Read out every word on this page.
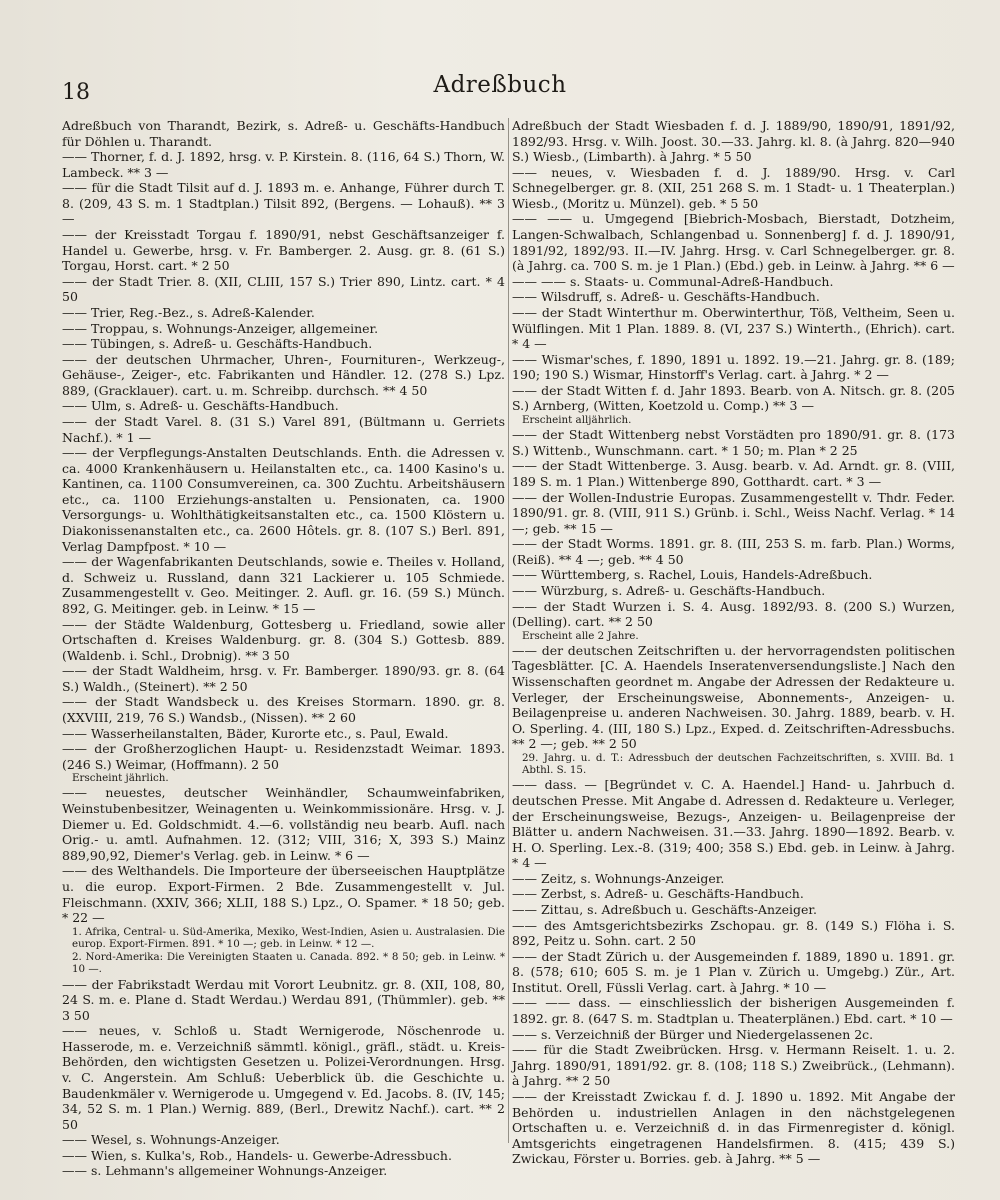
18	Adreßbuch

Adreßbuch von Tharandt, Bezirk, s. Adreß- u. Geschäfts-Handbuch für Döhlen u. Tharandt.

—— Thorner, f. d. J. 1892, hrsg. v. P. Kirstein. 8. (116, 64 S.) Thorn, W. Lambeck. ** 3 —

—— für die Stadt Tilsit auf d. J. 1893 m. e. Anhange, Führer durch T. 8. (209, 43 S. m. 1 Stadtplan.) Tilsit 892, (Bergens. — Lohauß). ** 3 —

—— der Kreisstadt Torgau f. 1890/91, nebst Geschäftsanzeiger f. Handel u. Gewerbe, hrsg. v. Fr. Bamberger. 2. Ausg. gr. 8. (61 S.) Torgau, Horst. cart. * 2 50

—— der Stadt Trier. 8. (XII, CLIII, 157 S.) Trier 890, Lintz. cart. * 4 50

—— Trier, Reg.-Bez., s. Adreß-Kalender.

—— Troppau, s. Wohnungs-Anzeiger, allgemeiner.

—— Tübingen, s. Adreß- u. Geschäfts-Handbuch.

—— der deutschen Uhrmacher, Uhren-, Fournituren-, Werkzeug-, Gehäuse-, Zeiger-, etc. Fabrikanten und Händler. 12. (278 S.) Lpz. 889, (Gracklauer). cart. u. m. Schreibp. durchsch. ** 4 50

—— Ulm, s. Adreß- u. Geschäfts-Handbuch.

—— der Stadt Varel. 8. (31 S.) Varel 891, (Bültmann u. Gerriets Nachf.). * 1 —

—— der Verpflegungs-Anstalten Deutschlands. Enth. die Adressen v. ca. 4000 Krankenhäusern u. Heilanstalten etc., ca. 1400 Kasino's u. Kantinen, ca. 1100 Consumvereinen, ca. 300 Zuchtu. Arbeitshäusern etc., ca. 1100 Erziehungs-anstalten u. Pensionaten, ca. 1900 Versorgungs- u. Wohlthätigkeitsanstalten etc., ca. 1500 Klöstern u. Diakonissenanstalten etc., ca. 2600 Hôtels. gr. 8. (107 S.) Berl. 891, Verlag Dampfpost. * 10 —

—— der Wagenfabrikanten Deutschlands, sowie e. Theiles v. Holland, d. Schweiz u. Russland, dann 321 Lackierer u. 105 Schmiede. Zusammengestellt v. Geo. Meitinger. 2. Aufl. gr. 16. (59 S.) Münch. 892, G. Meitinger. geb. in Leinw. * 15 —

—— der Städte Waldenburg, Gottesberg u. Friedland, sowie aller Ortschaften d. Kreises Waldenburg. gr. 8. (304 S.) Gottesb. 889. (Waldenb. i. Schl., Drobnig). ** 3 50

—— der Stadt Waldheim, hrsg. v. Fr. Bamberger. 1890/93. gr. 8. (64 S.) Waldh., (Steinert). ** 2 50

—— der Stadt Wandsbeck u. des Kreises Stormarn. 1890. gr. 8. (XXVIII, 219, 76 S.) Wandsb., (Nissen). ** 2 60

—— Wasserheilanstalten, Bäder, Kurorte etc., s. Paul, Ewald.

—— der Großherzoglichen Haupt- u. Residenzstadt Weimar. 1893. (246 S.) Weimar, (Hoffmann). 2 50

Erscheint jährlich.

—— neuestes, deutscher Weinhändler, Schaumweinfabriken, Weinstubenbesitzer, Weinagenten u. Weinkommissionäre. Hrsg. v. J. Diemer u. Ed. Goldschmidt. 4.—6. vollständig neu bearb. Aufl. nach Orig.- u. amtl. Aufnahmen. 12. (312; VIII, 316; X, 393 S.) Mainz 889,90,92, Diemer's Verlag. geb. in Leinw. * 6 —

—— des Welthandels. Die Importeure der überseeischen Hauptplätze u. die europ. Export-Firmen. 2 Bde. Zusammengestellt v. Jul. Fleischmann. (XXIV, 366; XLII, 188 S.) Lpz., O. Spamer. * 18 50; geb. * 22 —

1. Afrika, Central- u. Süd-Amerika, Mexiko, West-Indien, Asien u. Australasien. Die europ. Export-Firmen. 891. * 10 —; geb. in Leinw. * 12 —.

2. Nord-Amerika: Die Vereinigten Staaten u. Canada. 892. * 8 50; geb. in Leinw. * 10 —.

—— der Fabrikstadt Werdau mit Vorort Leubnitz. gr. 8. (XII, 108, 80, 24 S. m. e. Plane d. Stadt Werdau.) Werdau 891, (Thümmler). geb. ** 3 50

—— neues, v. Schloß u. Stadt Wernigerode, Nöschenrode u. Hasserode, m. e. Verzeichniß sämmtl. königl., gräfl., städt. u. Kreis-Behörden, den wichtigsten Gesetzen u. Polizei-Verordnungen. Hrsg. v. C. Angerstein. Am Schluß: Ueberblick üb. die Geschichte u. Baudenkmäler v. Wernigerode u. Umgegend v. Ed. Jacobs. 8. (IV, 145; 34, 52 S. m. 1 Plan.) Wernig. 889, (Berl., Drewitz Nachf.). cart. ** 2 50

—— Wesel, s. Wohnungs-Anzeiger.

—— Wien, s. Kulka's, Rob., Handels- u. Gewerbe-Adressbuch.

—— s. Lehmann's allgemeiner Wohnungs-Anzeiger.

Adreßbuch der Stadt Wiesbaden f. d. J. 1889/90, 1890/91, 1891/92, 1892/93. Hrsg. v. Wilh. Joost. 30.—33. Jahrg. kl. 8. (à Jahrg. 820—940 S.) Wiesb., (Limbarth). à Jahrg. * 5 50

—— neues, v. Wiesbaden f. d. J. 1889/90. Hrsg. v. Carl Schnegelberger. gr. 8. (XII, 251 268 S. m. 1 Stadt- u. 1 Theaterplan.) Wiesb., (Moritz u. Münzel). geb. * 5 50

—— —— u. Umgegend [Biebrich-Mosbach, Bierstadt, Dotzheim, Langen-Schwalbach, Schlangenbad u. Sonnenberg] f. d. J. 1890/91, 1891/92, 1892/93. II.—IV. Jahrg. Hrsg. v. Carl Schnegelberger. gr. 8. (à Jahrg. ca. 700 S. m. je 1 Plan.) (Ebd.) geb. in Leinw. à Jahrg. ** 6 —

—— —— s. Staats- u. Communal-Adreß-Handbuch.

—— Wilsdruff, s. Adreß- u. Geschäfts-Handbuch.

—— der Stadt Winterthur m. Oberwinterthur, Töß, Veltheim, Seen u. Wülflingen. Mit 1 Plan. 1889. 8. (VI, 237 S.) Winterth., (Ehrich). cart. * 4 —

—— Wismar'sches, f. 1890, 1891 u. 1892. 19.—21. Jahrg. gr. 8. (189; 190; 190 S.) Wismar, Hinstorff's Verlag. cart. à Jahrg. * 2 —

—— der Stadt Witten f. d. Jahr 1893. Bearb. von A. Nitsch. gr. 8. (205 S.) Arnberg, (Witten, Koetzold u. Comp.) ** 3 —

Erscheint alljährlich.

—— der Stadt Wittenberg nebst Vorstädten pro 1890/91. gr. 8. (173 S.) Wittenb., Wunschmann. cart. * 1 50; m. Plan * 2 25

—— der Stadt Wittenberge. 3. Ausg. bearb. v. Ad. Arndt. gr. 8. (VIII, 189 S. m. 1 Plan.) Wittenberge 890, Gotthardt. cart. * 3 —

—— der Wollen-Industrie Europas. Zusammengestellt v. Thdr. Feder. 1890/91. gr. 8. (VIII, 911 S.) Grünb. i. Schl., Weiss Nachf. Verlag. * 14 —; geb. ** 15 —

—— der Stadt Worms. 1891. gr. 8. (III, 253 S. m. farb. Plan.) Worms, (Reiß). ** 4 —; geb. ** 4 50

—— Württemberg, s. Rachel, Louis, Handels-Adreßbuch.

—— Würzburg, s. Adreß- u. Geschäfts-Handbuch.

—— der Stadt Wurzen i. S. 4. Ausg. 1892/93. 8. (200 S.) Wurzen, (Delling). cart. ** 2 50

Erscheint alle 2 Jahre.

—— der deutschen Zeitschriften u. der hervorragendsten politischen Tagesblätter. [C. A. Haendels Inseratenversendungsliste.] Nach den Wissenschaften geordnet m. Angabe der Adressen der Redakteure u. Verleger, der Erscheinungsweise, Abonnements-, Anzeigen- u. Beilagenpreise u. anderen Nachweisen. 30. Jahrg. 1889, bearb. v. H. O. Sperling. 4. (III, 180 S.) Lpz., Exped. d. Zeitschriften-Adressbuchs. ** 2 —; geb. ** 2 50

29. Jahrg. u. d. T.: Adressbuch der deutschen Fachzeitschriften, s. XVIII. Bd. 1 Abthl. S. 15.

—— dass. — [Begründet v. C. A. Haendel.] Hand- u. Jahrbuch d. deutschen Presse. Mit Angabe d. Adressen d. Redakteure u. Verleger, der Erscheinungsweise, Bezugs-, Anzeigen- u. Beilagenpreise der Blätter u. andern Nachweisen. 31.—33. Jahrg. 1890—1892. Bearb. v. H. O. Sperling. Lex.-8. (319; 400; 358 S.) Ebd. geb. in Leinw. à Jahrg. * 4 —

—— Zeitz, s. Wohnungs-Anzeiger.

—— Zerbst, s. Adreß- u. Geschäfts-Handbuch.

—— Zittau, s. Adreßbuch u. Geschäfts-Anzeiger.

—— des Amtsgerichtsbezirks Zschopau. gr. 8. (149 S.) Flöha i. S. 892, Peitz u. Sohn. cart. 2 50

—— der Stadt Zürich u. der Ausgemeinden f. 1889, 1890 u. 1891. gr. 8. (578; 610; 605 S. m. je 1 Plan v. Zürich u. Umgebg.) Zür., Art. Institut. Orell, Füssli Verlag. cart. à Jahrg. * 10 —

—— —— dass. — einschliesslich der bisherigen Ausgemeinden f. 1892. gr. 8. (647 S. m. Stadtplan u. Theaterplänen.) Ebd. cart. * 10 —

—— s. Verzeichniß der Bürger und Niedergelassenen 2c.

—— für die Stadt Zweibrücken. Hrsg. v. Hermann Reiselt. 1. u. 2. Jahrg. 1890/91, 1891/92. gr. 8. (108; 118 S.) Zweibrück., (Lehmann). à Jahrg. ** 2 50

—— der Kreisstadt Zwickau f. d. J. 1890 u. 1892. Mit Angabe der Behörden u. industriellen Anlagen in den nächstgelegenen Ortschaften u. e. Verzeichniß d. in das Firmenregister d. königl. Amtsgerichts eingetragenen Handelsfirmen. 8. (415; 439 S.) Zwickau, Förster u. Borries. geb. à Jahrg. ** 5 —
